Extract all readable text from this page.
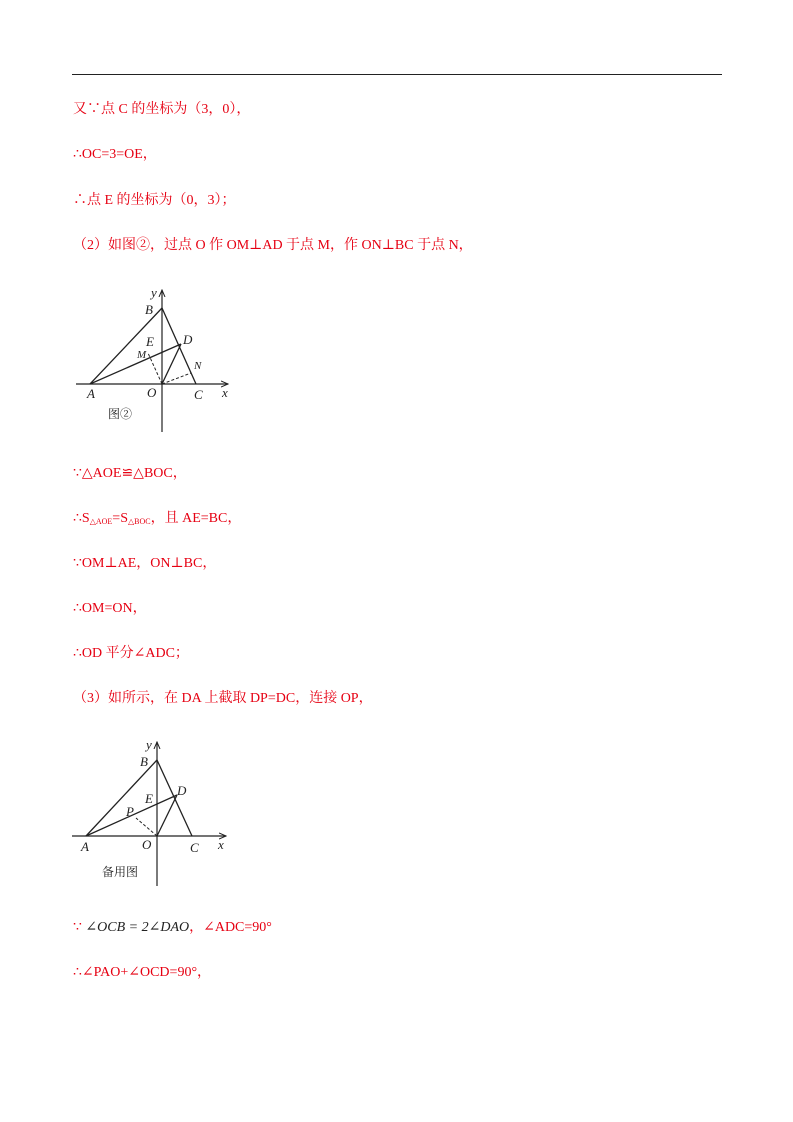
又∵点 C 的坐标为（3，0），
∴OC=3=OE，
∴点 E 的坐标为（0，3）；
（2）如图②，过点 O 作 OM⊥AD 于点 M，作 ON⊥BC 于点 N，
y
B
D
E
M
N
A	O	C x
图②
∵△AOE≌△BOC，
$\therefore S_{\triangle AOE}=S_{\triangle BOC}$，且 AE=BC，
∵OM⊥AE，ON⊥BC，
∴OM=ON，
∴OD 平分∠ADC；
（3）如所示，在 DA 上截取 DP=DC，连接 OP，
y
B
D
E
P
A	O	C x
备用图
∵ ∠OCB = 2∠DAO，∠ADC=90°
∴∠PAO+∠OCD=90°，
